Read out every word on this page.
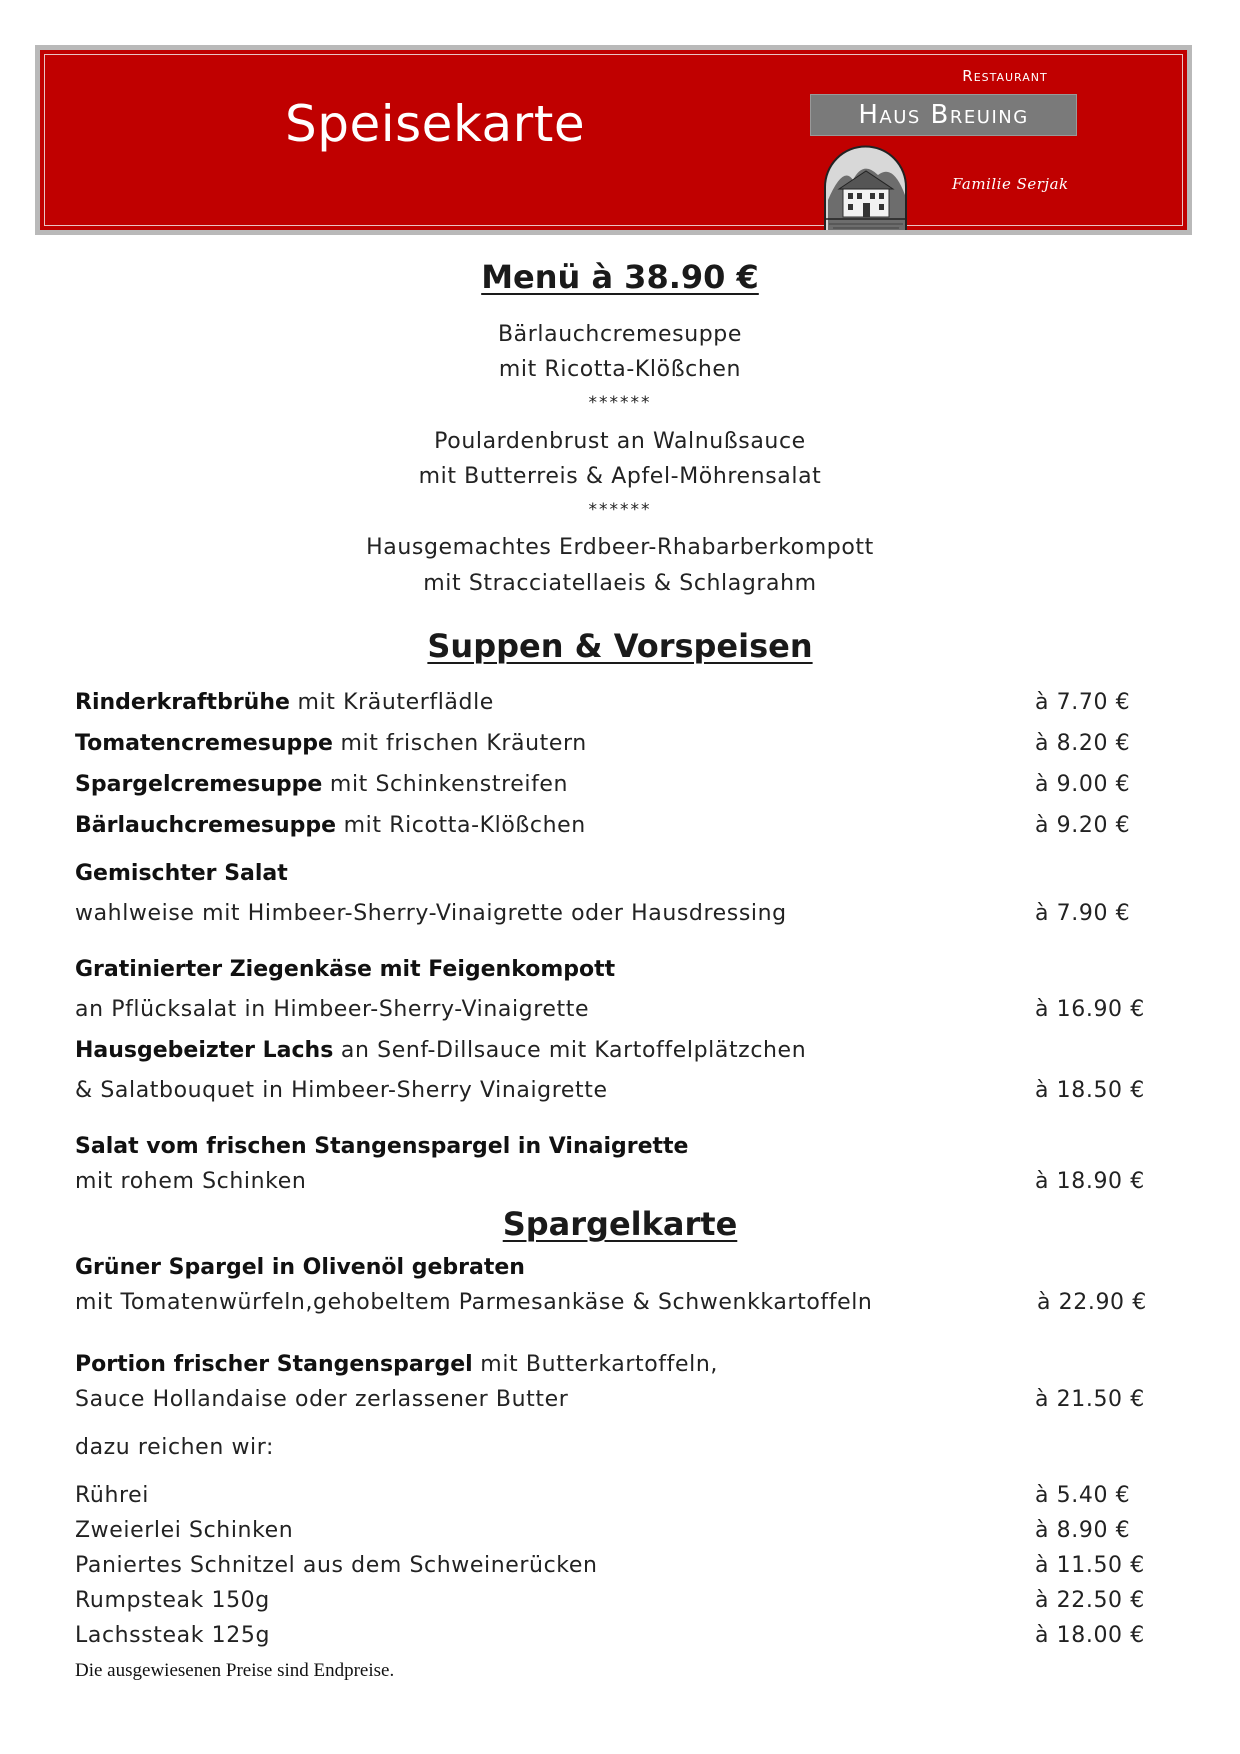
Speisekarte
Restaurant
Haus Breuing
Familie Serjak
Menü à 38.90 €
Bärlauchcremesuppe
mit Ricotta-Klößchen
******
Poulardenbrust an Walnußsauce
mit Butterreis & Apfel-Möhrensalat
******
Hausgemachtes Erdbeer-Rhabarberkompott
mit Stracciatellaeis & Schlagrahm
Suppen & Vorspeisen
Rinderkraftbrühe mit Kräuterflädle	à 7.70 €
Tomatencremesuppe mit frischen Kräutern	à 8.20 €
Spargelcremesuppe mit Schinkenstreifen	à 9.00 €
Bärlauchcremesuppe mit Ricotta-Klößchen	à 9.20 €
Gemischter Salat
wahlweise mit Himbeer-Sherry-Vinaigrette oder Hausdressing	à 7.90 €
Gratinierter Ziegenkäse mit Feigenkompott
an Pflücksalat in Himbeer-Sherry-Vinaigrette	à 16.90 €
Hausgebeizter Lachs an Senf-Dillsauce mit Kartoffelplätzchen
& Salatbouquet in Himbeer-Sherry Vinaigrette	à 18.50 €
Salat vom frischen Stangenspargel in Vinaigrette
mit rohem Schinken	à 18.90 €
Spargelkarte
Grüner Spargel in Olivenöl gebraten
mit Tomatenwürfeln,gehobeltem Parmesankäse & Schwenkkartoffeln	à 22.90 €
Portion frischer Stangenspargel mit Butterkartoffeln,
Sauce Hollandaise oder zerlassener Butter	à 21.50 €
dazu reichen wir:
Rührei	à 5.40 €
Zweierlei Schinken	à 8.90 €
Paniertes Schnitzel aus dem Schweinerücken	à 11.50 €
Rumpsteak 150g	à 22.50 €
Lachssteak 125g	à 18.00 €
Die ausgewiesenen Preise sind Endpreise.
